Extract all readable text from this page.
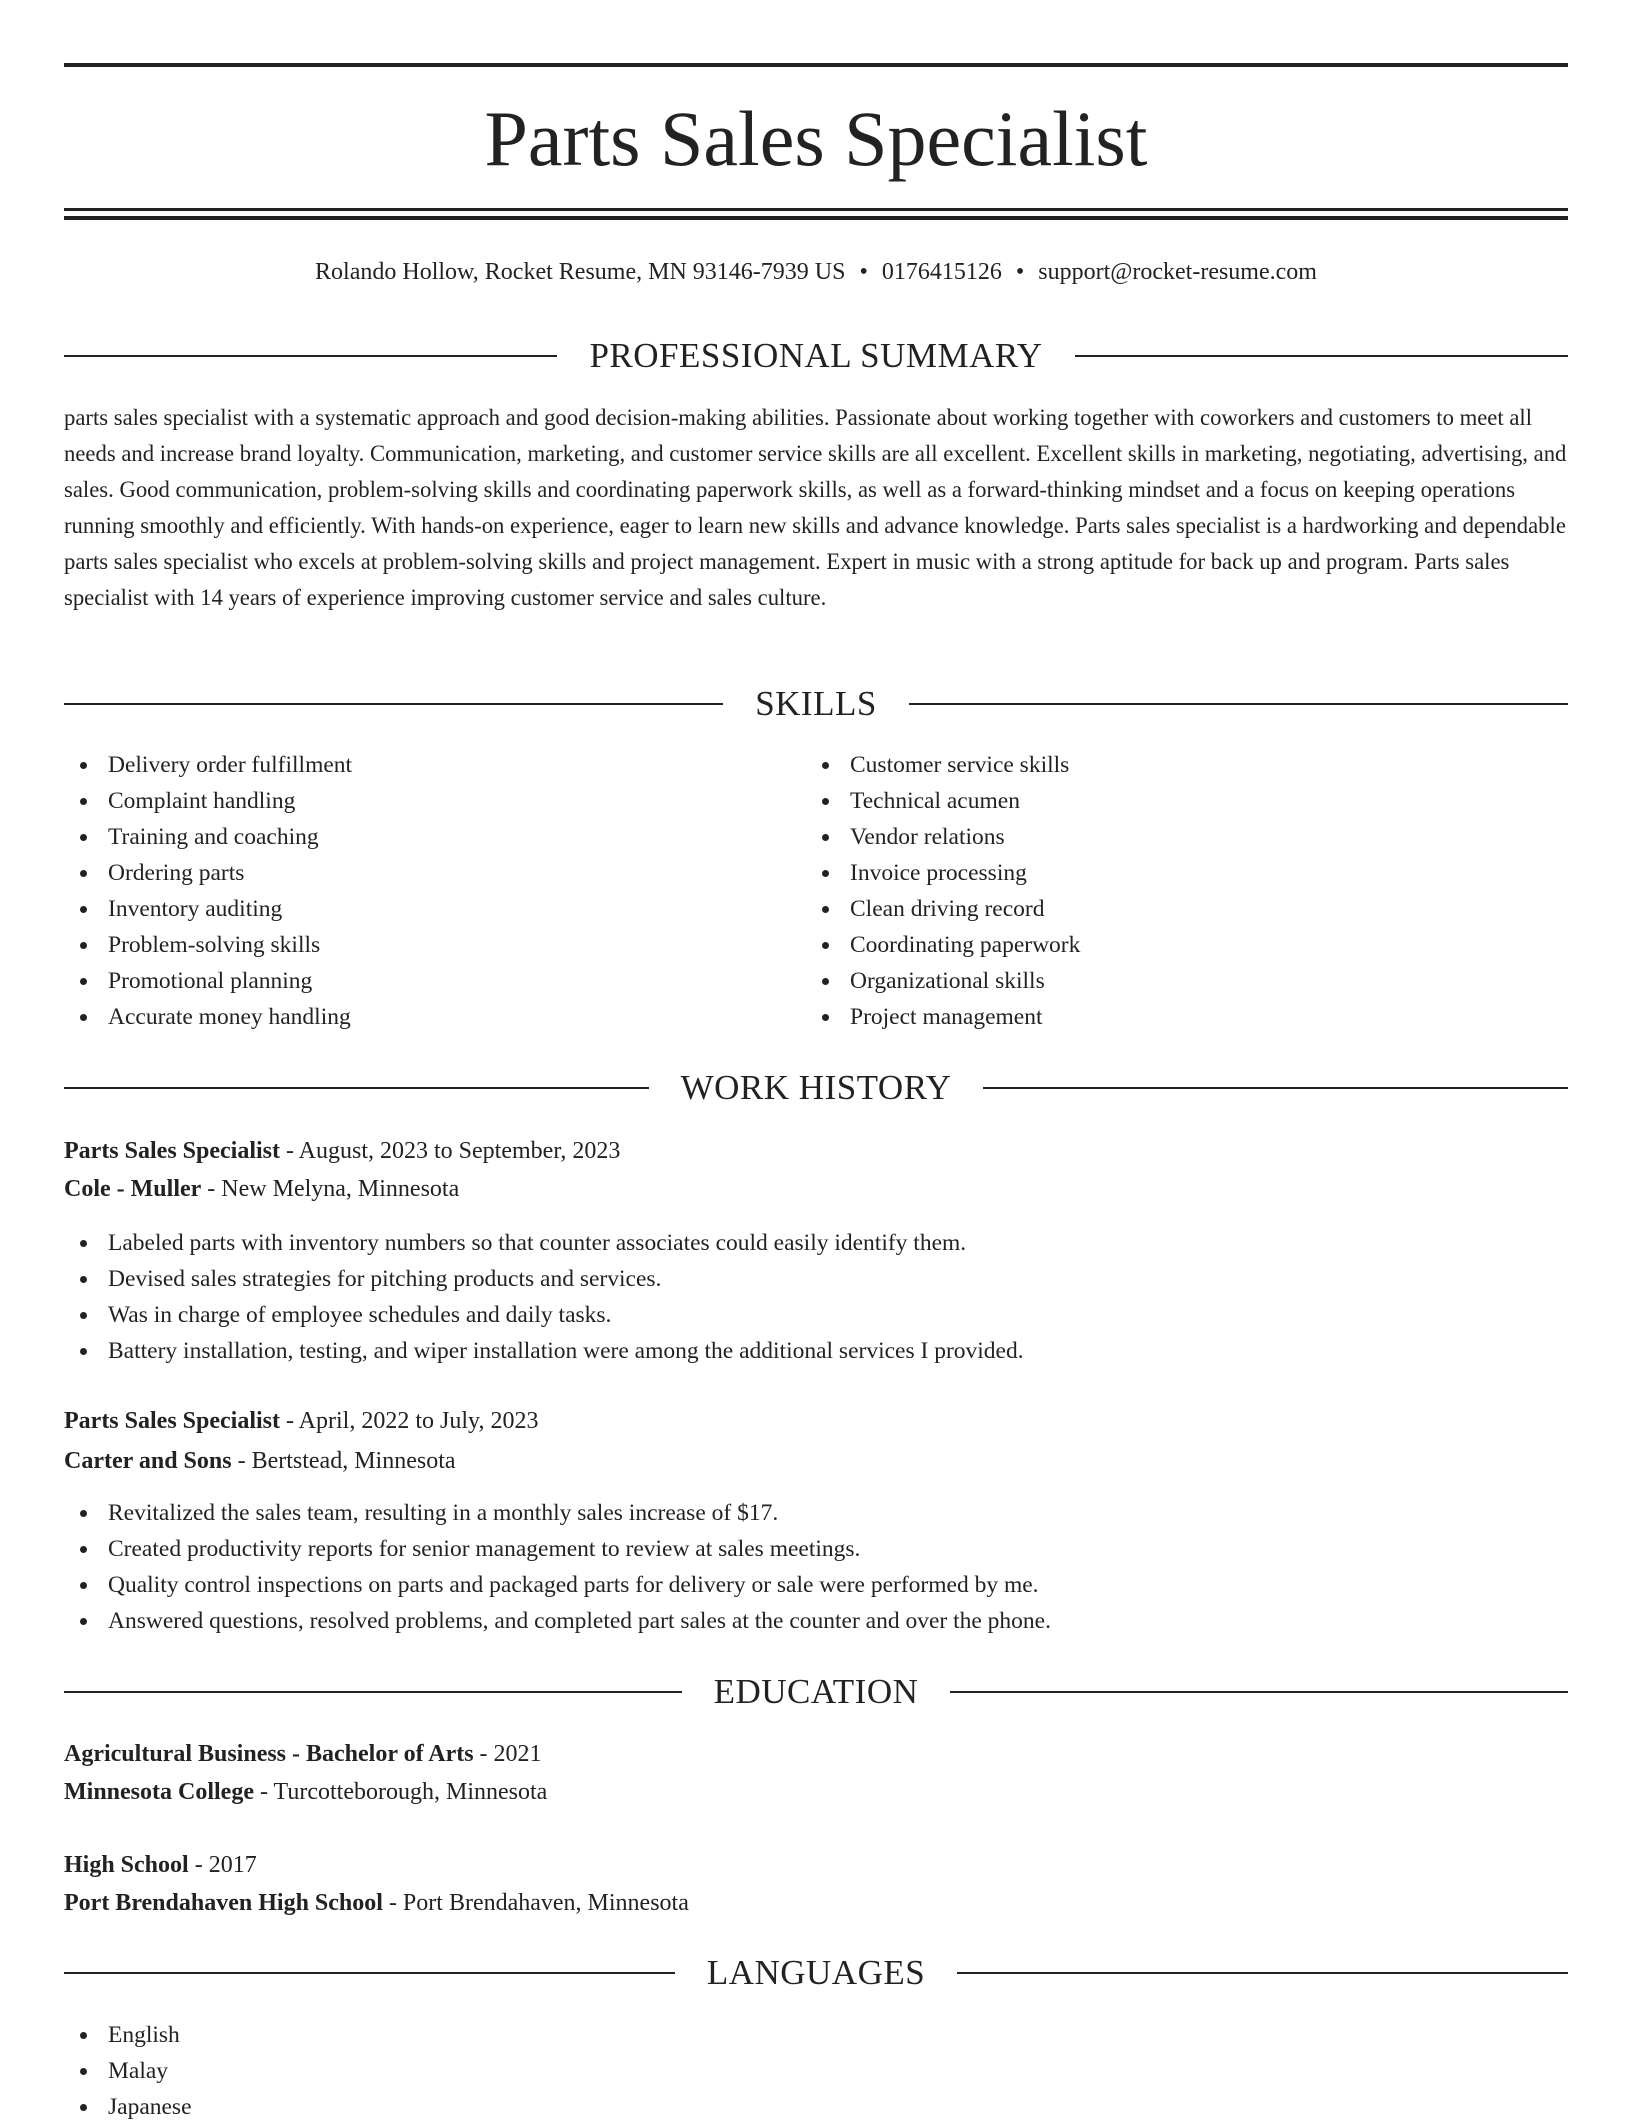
Parts Sales Specialist
Rolando Hollow, Rocket Resume, MN 93146-7939 US • 0176415126 • support@rocket-resume.com
PROFESSIONAL SUMMARY

parts sales specialist with a systematic approach and good decision-making abilities. Passionate about working together with coworkers and customers to meet all needs and increase brand loyalty. Communication, marketing, and customer service skills are all excellent. Excellent skills in marketing, negotiating, advertising, and sales. Good communication, problem-solving skills and coordinating paperwork skills, as well as a forward-thinking mindset and a focus on keeping operations running smoothly and efficiently. With hands-on experience, eager to learn new skills and advance knowledge. Parts sales specialist is a hardworking and dependable parts sales specialist who excels at problem-solving skills and project management. Expert in music with a strong aptitude for back up and program. Parts sales specialist with 14 years of experience improving customer service and sales culture.

SKILLS
Delivery order fulfillment
Complaint handling
Training and coaching
Ordering parts
Inventory auditing
Problem-solving skills
Promotional planning
Accurate money handling
Customer service skills
Technical acumen
Vendor relations
Invoice processing
Clean driving record
Coordinating paperwork
Organizational skills
Project management
WORK HISTORY
Parts Sales Specialist - August, 2023 to September, 2023
Cole - Muller - New Melyna, Minnesota
Labeled parts with inventory numbers so that counter associates could easily identify them.
Devised sales strategies for pitching products and services.
Was in charge of employee schedules and daily tasks.
Battery installation, testing, and wiper installation were among the additional services I provided.
Parts Sales Specialist - April, 2022 to July, 2023
Carter and Sons - Bertstead, Minnesota
Revitalized the sales team, resulting in a monthly sales increase of $17.
Created productivity reports for senior management to review at sales meetings.
Quality control inspections on parts and packaged parts for delivery or sale were performed by me.
Answered questions, resolved problems, and completed part sales at the counter and over the phone.
EDUCATION
Agricultural Business - Bachelor of Arts - 2021
Minnesota College - Turcotteborough, Minnesota
High School - 2017
Port Brendahaven High School - Port Brendahaven, Minnesota
LANGUAGES
English
Malay
Japanese
